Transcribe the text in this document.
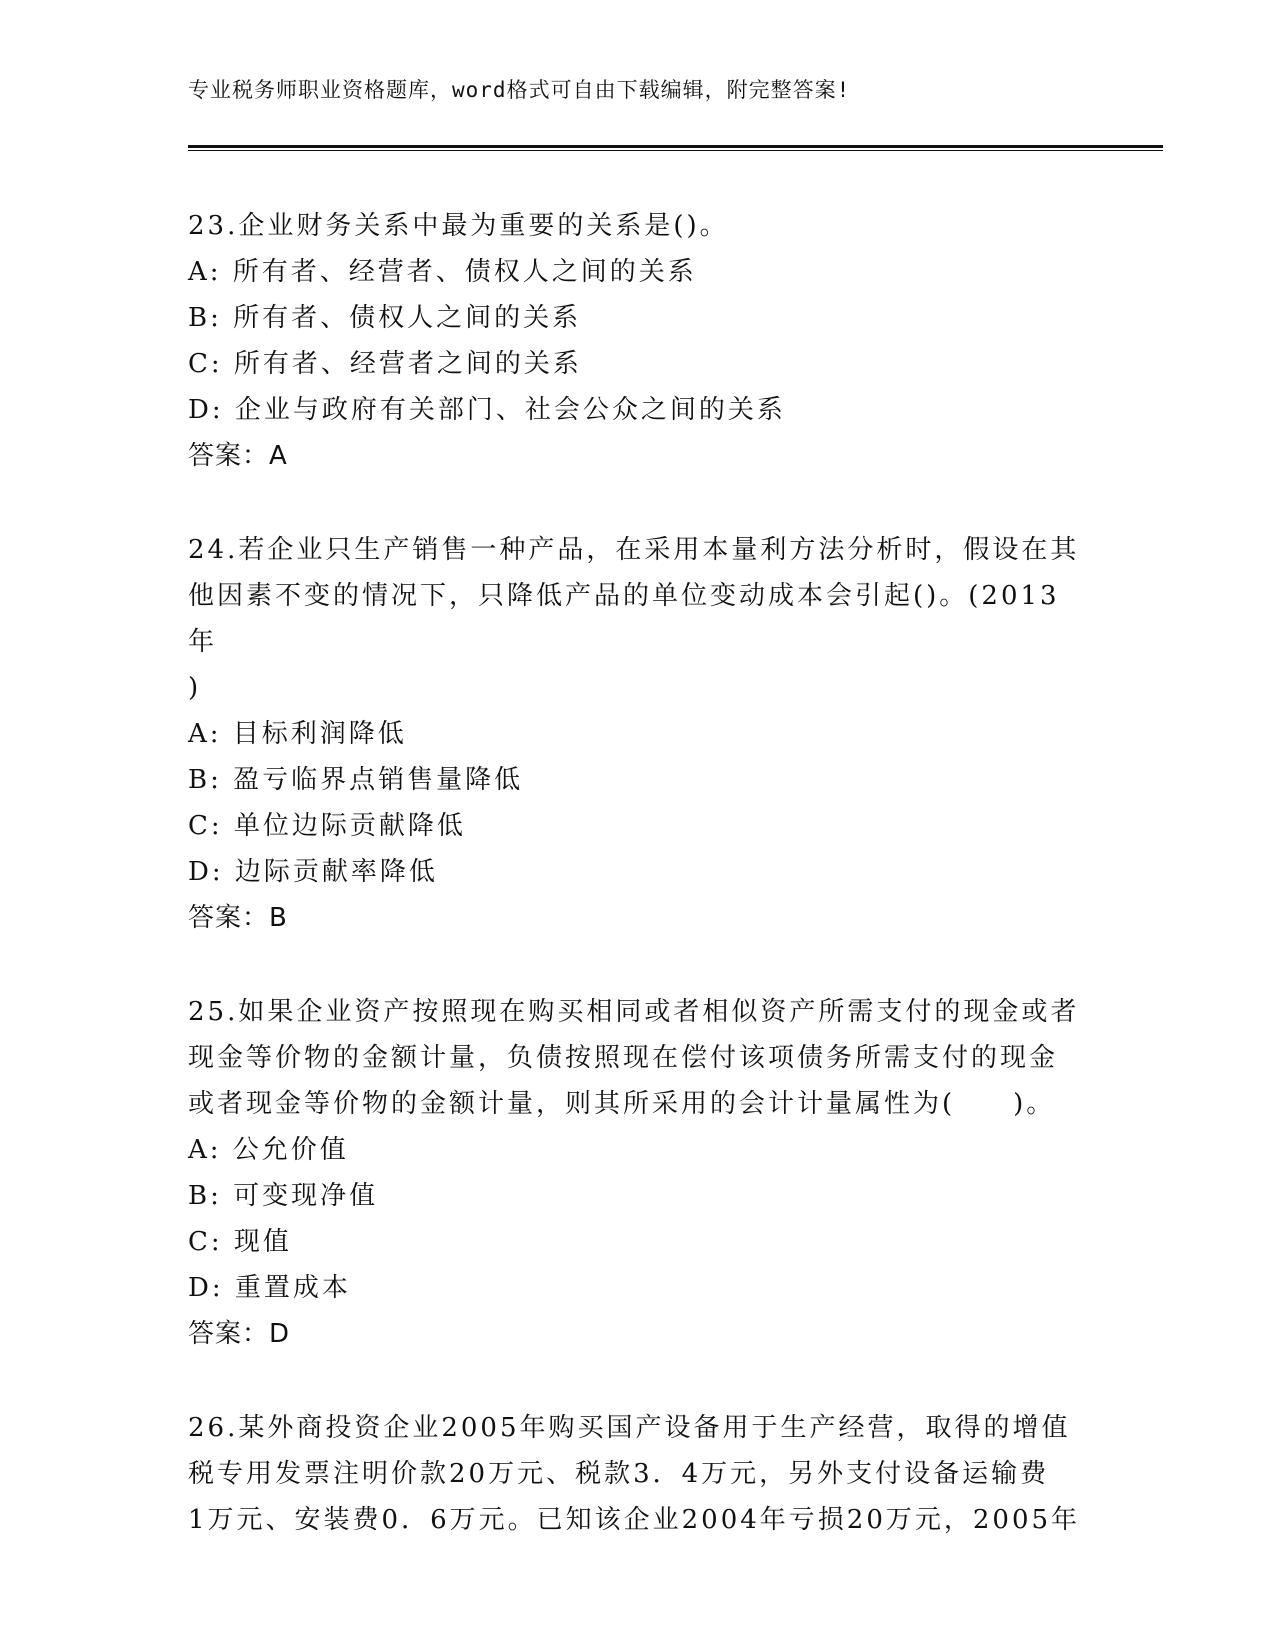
专业税务师职业资格题库，word格式可自由下载编辑，附完整答案!
23.企业财务关系中最为重要的关系是()。
A: 所有者、经营者、债权人之间的关系
B: 所有者、债权人之间的关系
C: 所有者、经营者之间的关系
D: 企业与政府有关部门、社会公众之间的关系
答案：A
24.若企业只生产销售一种产品，在采用本量利方法分析时，假设在其
他因素不变的情况下，只降低产品的单位变动成本会引起()。(2013年
)
A: 目标利润降低
B: 盈亏临界点销售量降低
C: 单位边际贡献降低
D: 边际贡献率降低
答案：B
25.如果企业资产按照现在购买相同或者相似资产所需支付的现金或者
现金等价物的金额计量，负债按照现在偿付该项债务所需支付的现金
或者现金等价物的金额计量，则其所采用的会计计量属性为(　　)。
A: 公允价值
B: 可变现净值
C: 现值
D: 重置成本
答案：D
26.某外商投资企业2005年购买国产设备用于生产经营，取得的增值
税专用发票注明价款20万元、税款3．4万元，另外支付设备运输费
1万元、安装费0．6万元。已知该企业2004年亏损20万元，2005年
